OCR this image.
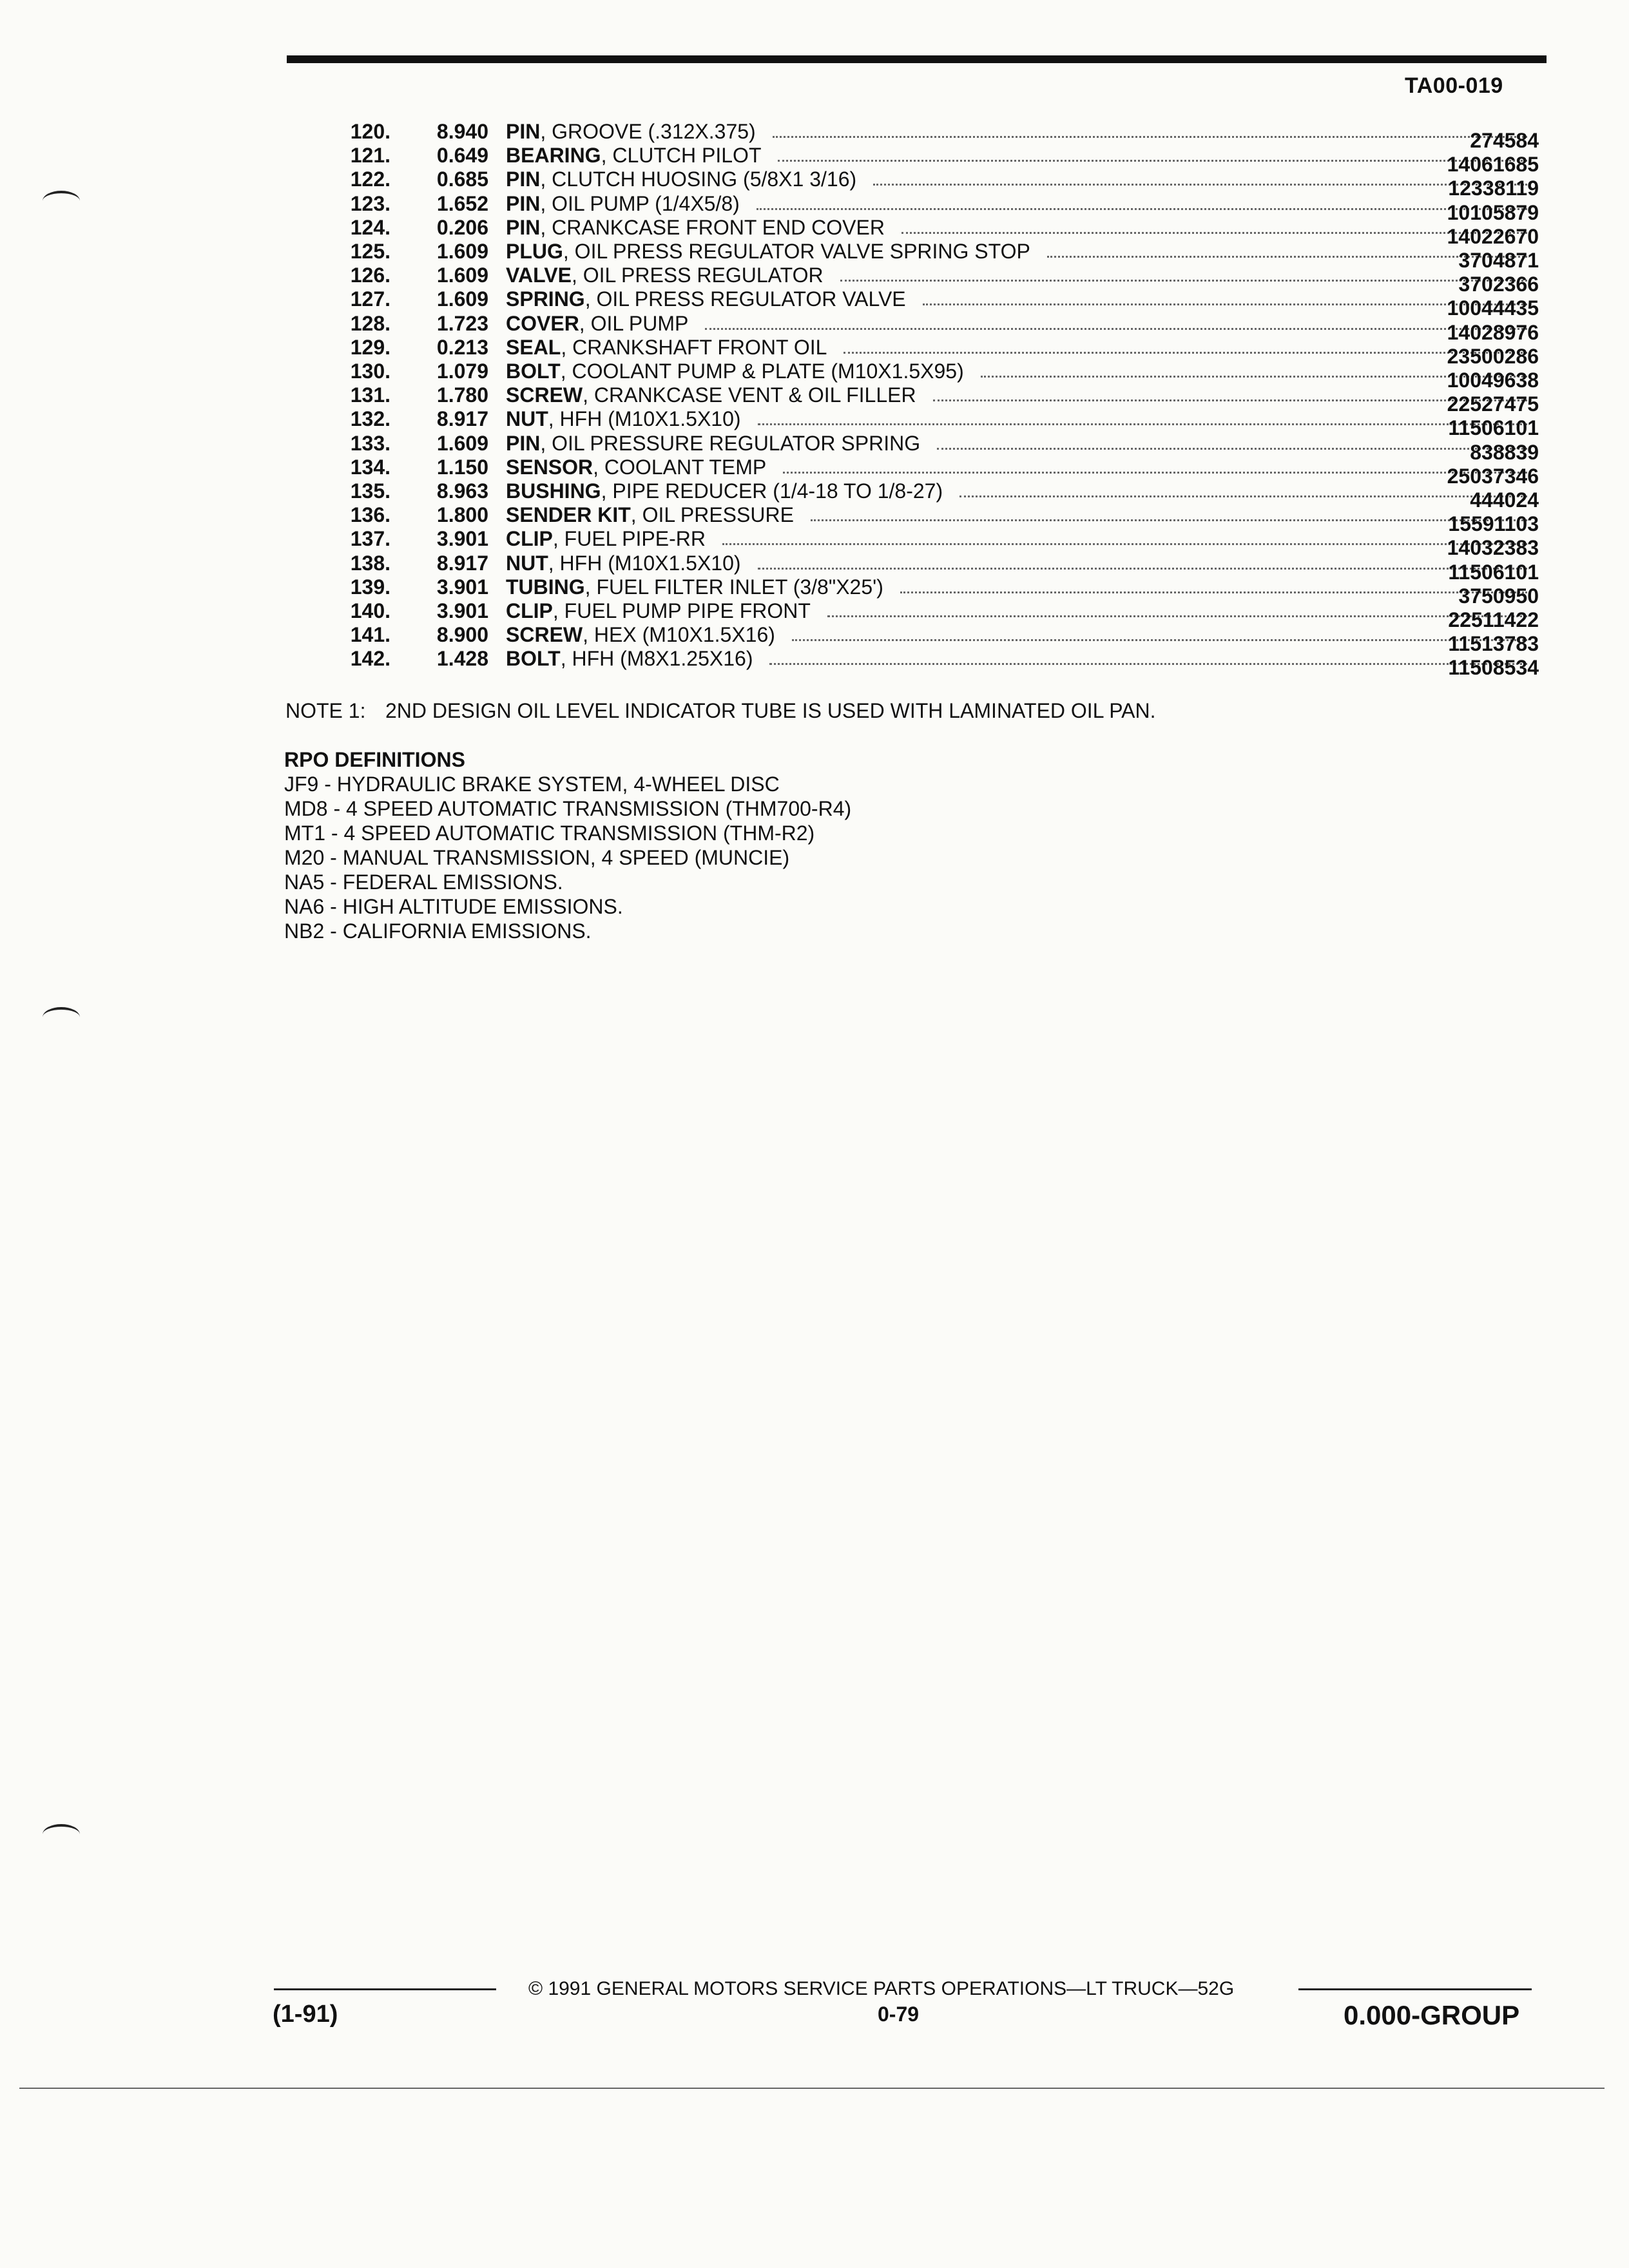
TA00-019
120.	8.940 PIN , GROOVE (.312X.375)	274584
121.	0.649 BEARING , CLUTCH PILOT	14061685
122.	0.685 PIN , CLUTCH HUOSING (5/8X1 3/16)	12338119
123.	1.652 PIN , OIL PUMP (1/4X5/8)	10105879
124.	0.206 PIN , CRANKCASE FRONT END COVER	14022670
125.	1.609 PLUG , OIL PRESS REGULATOR VALVE SPRING STOP	3704871
126.	1.609 VALVE , OIL PRESS REGULATOR	3702366
127.	1.609 SPRING , OIL PRESS REGULATOR VALVE	10044435
128.	1.723 COVER , OIL PUMP	14028976
129.	0.213 SEAL , CRANKSHAFT FRONT OIL	23500286
130.	1.079 BOLT , COOLANT PUMP & PLATE (M10X1.5X95)	10049638
131.	1.780 SCREW , CRANKCASE VENT & OIL FILLER	22527475
132.	8.917 NUT , HFH (M10X1.5X10)	11506101
133.	1.609 PIN , OIL PRESSURE REGULATOR SPRING	838839
134.	1.150 SENSOR , COOLANT TEMP	25037346
135.	8.963 BUSHING , PIPE REDUCER (1/4-18 TO 1/8-27)	444024
136.	1.800 SENDER KIT , OIL PRESSURE	15591103
137.	3.901 CLIP , FUEL PIPE-RR	14032383
138.	8.917 NUT , HFH (M10X1.5X10)	11506101
139.	3.901 TUBING , FUEL FILTER INLET (3/8"X25')	3750950
140.	3.901 CLIP , FUEL PUMP PIPE FRONT	22511422
141.	8.900 SCREW , HEX (M10X1.5X16)	11513783
142.	1.428 BOLT , HFH (M8X1.25X16)	11508534
NOTE 1: 2ND DESIGN OIL LEVEL INDICATOR TUBE IS USED WITH LAMINATED OIL PAN.
RPO DEFINITIONS
JF9 - HYDRAULIC BRAKE SYSTEM, 4-WHEEL DISC
MD8 - 4 SPEED AUTOMATIC TRANSMISSION (THM700-R4)
MT1 - 4 SPEED AUTOMATIC TRANSMISSION (THM-R2)
M20 - MANUAL TRANSMISSION, 4 SPEED (MUNCIE)
NA5 - FEDERAL EMISSIONS.
NA6 - HIGH ALTITUDE EMISSIONS.
NB2 - CALIFORNIA EMISSIONS.
© 1991 GENERAL MOTORS SERVICE PARTS OPERATIONS—LT TRUCK—52G
(1-91)	0-79	0.000-GROUP
